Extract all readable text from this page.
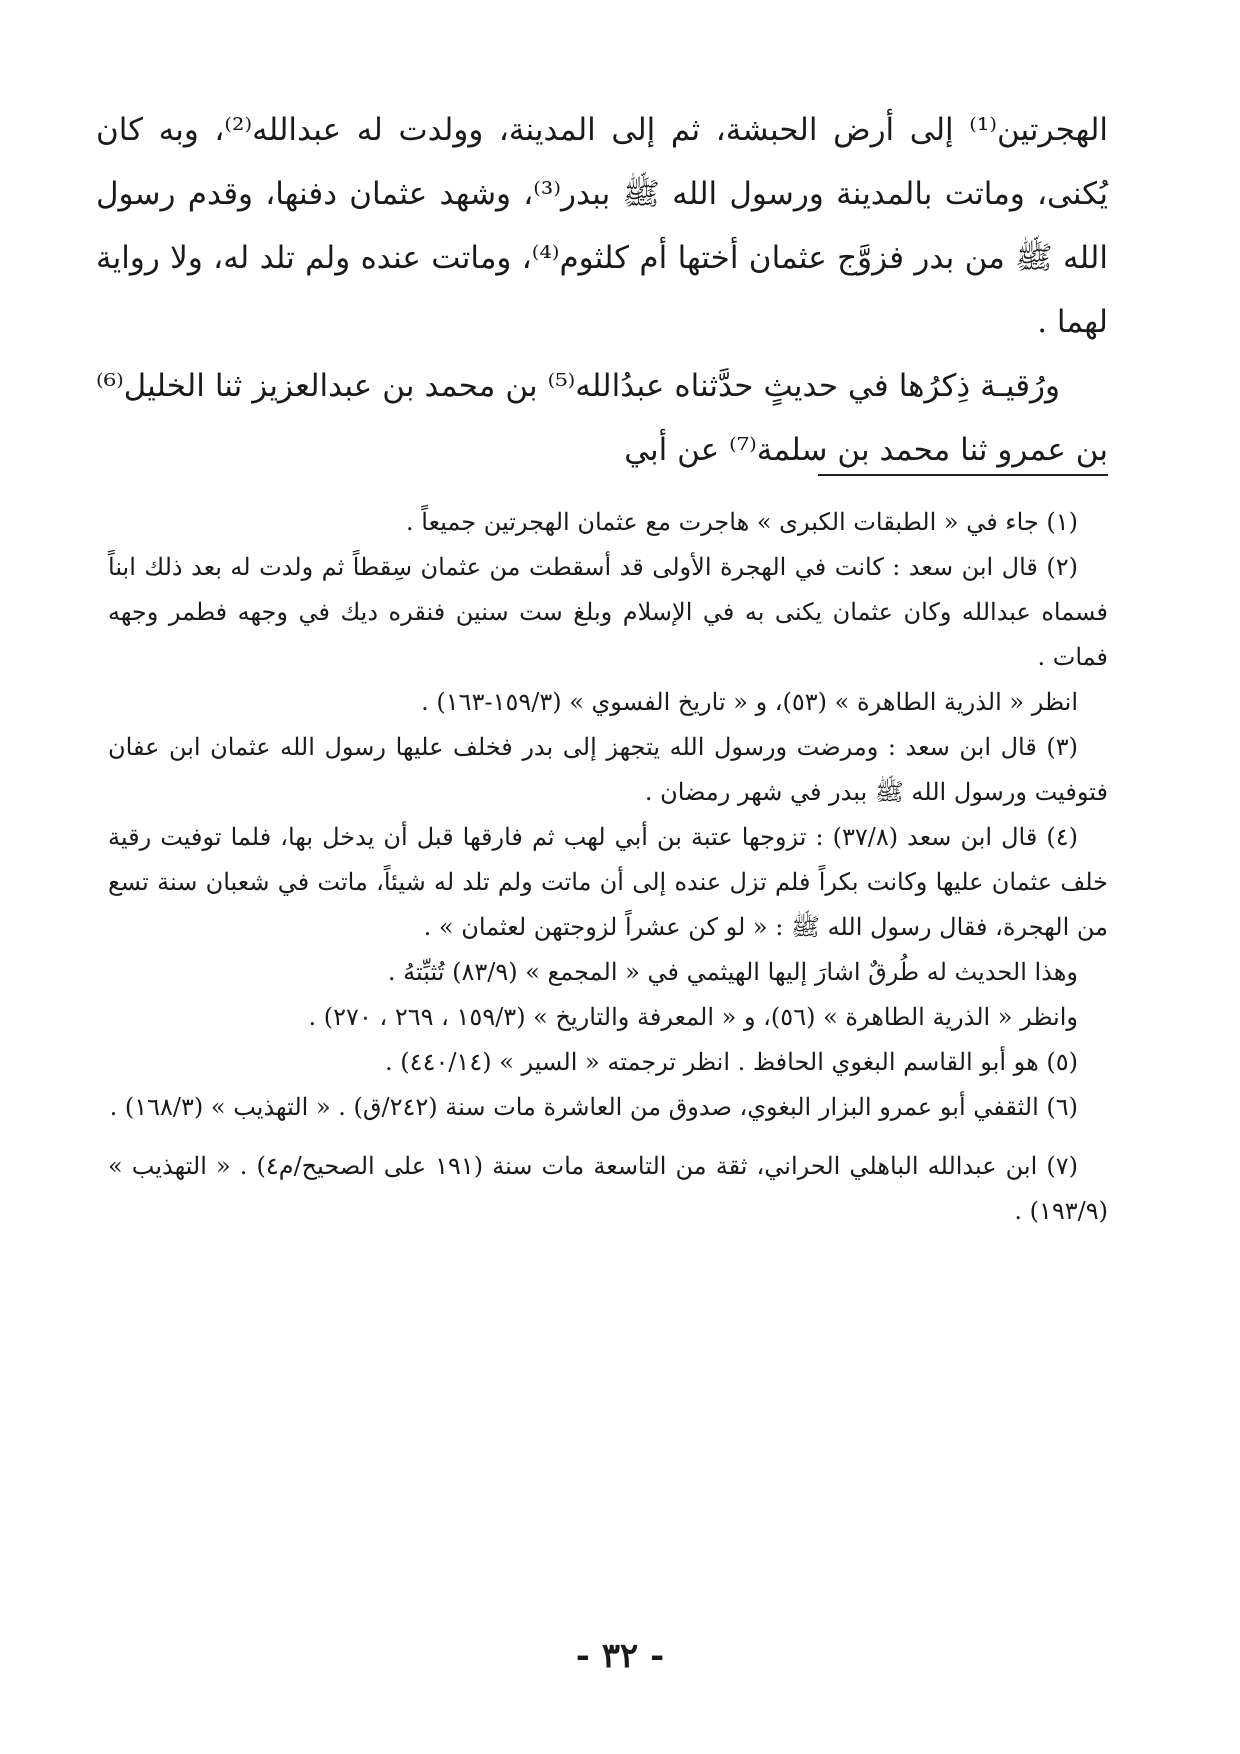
الهجرتين⁽¹⁾ إلى أرض الحبشة، ثم إلى المدينة، وولدت له عبدالله⁽²⁾، وبه كان يُكنى، وماتت بالمدينة ورسول الله ﷺ ببدر⁽³⁾، وشهد عثمان دفنها، وقدم رسول الله ﷺ من بدر فزوَّج عثمان أختها أم كلثوم⁽⁴⁾، وماتت عنده ولم تلد له، ولا رواية لهما .

ورُقيـة ذِكرُها في حديثٍ حدَّثناه عبدُالله⁽⁵⁾ بن محمد بن عبدالعزيز ثنا الخليل⁽⁶⁾ بن عمرو ثنا محمد بن سلمة⁽⁷⁾ عن أبي

(١) جاء في « الطبقات الكبرى » هاجرت مع عثمان الهجرتين جميعاً .

(٢) قال ابن سعد : كانت في الهجرة الأولى قد أسقطت من عثمان سِقطاً ثم ولدت له بعد ذلك ابناً فسماه عبدالله وكان عثمان يكنى به في الإسلام وبلغ ست سنين فنقره ديك في وجهه فطمر وجهه فمات .

انظر « الذرية الطاهرة » (٥٣)، و « تاريخ الفسوي » (١٥٩/٣-١٦٣) .

(٣) قال ابن سعد : ومرضت ورسول الله يتجهز إلى بدر فخلف عليها رسول الله عثمان ابن عفان فتوفيت ورسول الله ﷺ ببدر في شهر رمضان .

(٤) قال ابن سعد (٣٧/٨) : تزوجها عتبة بن أبي لهب ثم فارقها قبل أن يدخل بها، فلما توفيت رقية خلف عثمان عليها وكانت بكراً فلم تزل عنده إلى أن ماتت ولم تلد له شيئاً، ماتت في شعبان سنة تسع من الهجرة، فقال رسول الله ﷺ : « لو كن عشراً لزوجتهن لعثمان » .

وهذا الحديث له طُرقٌ اشارَ إليها الهيثمي في « المجمع » (٨٣/٩) تُثبِّتهُ .

وانظر « الذرية الطاهرة » (٥٦)، و « المعرفة والتاريخ » (١٥٩/٣ ، ٢٦٩ ، ٢٧٠) .

(٥) هو أبو القاسم البغوي الحافظ . انظر ترجمته « السير » (٤٤٠/١٤) .

(٦) الثقفي أبو عمرو البزار البغوي، صدوق من العاشرة مات سنة (٢٤٢/ق) . « التهذيب » (١٦٨/٣) .

(٧) ابن عبدالله الباهلي الحراني، ثقة من التاسعة مات سنة (١٩١ على الصحيح/م٤) . « التهذيب » (١٩٣/٩) .

- ٣٢ -
